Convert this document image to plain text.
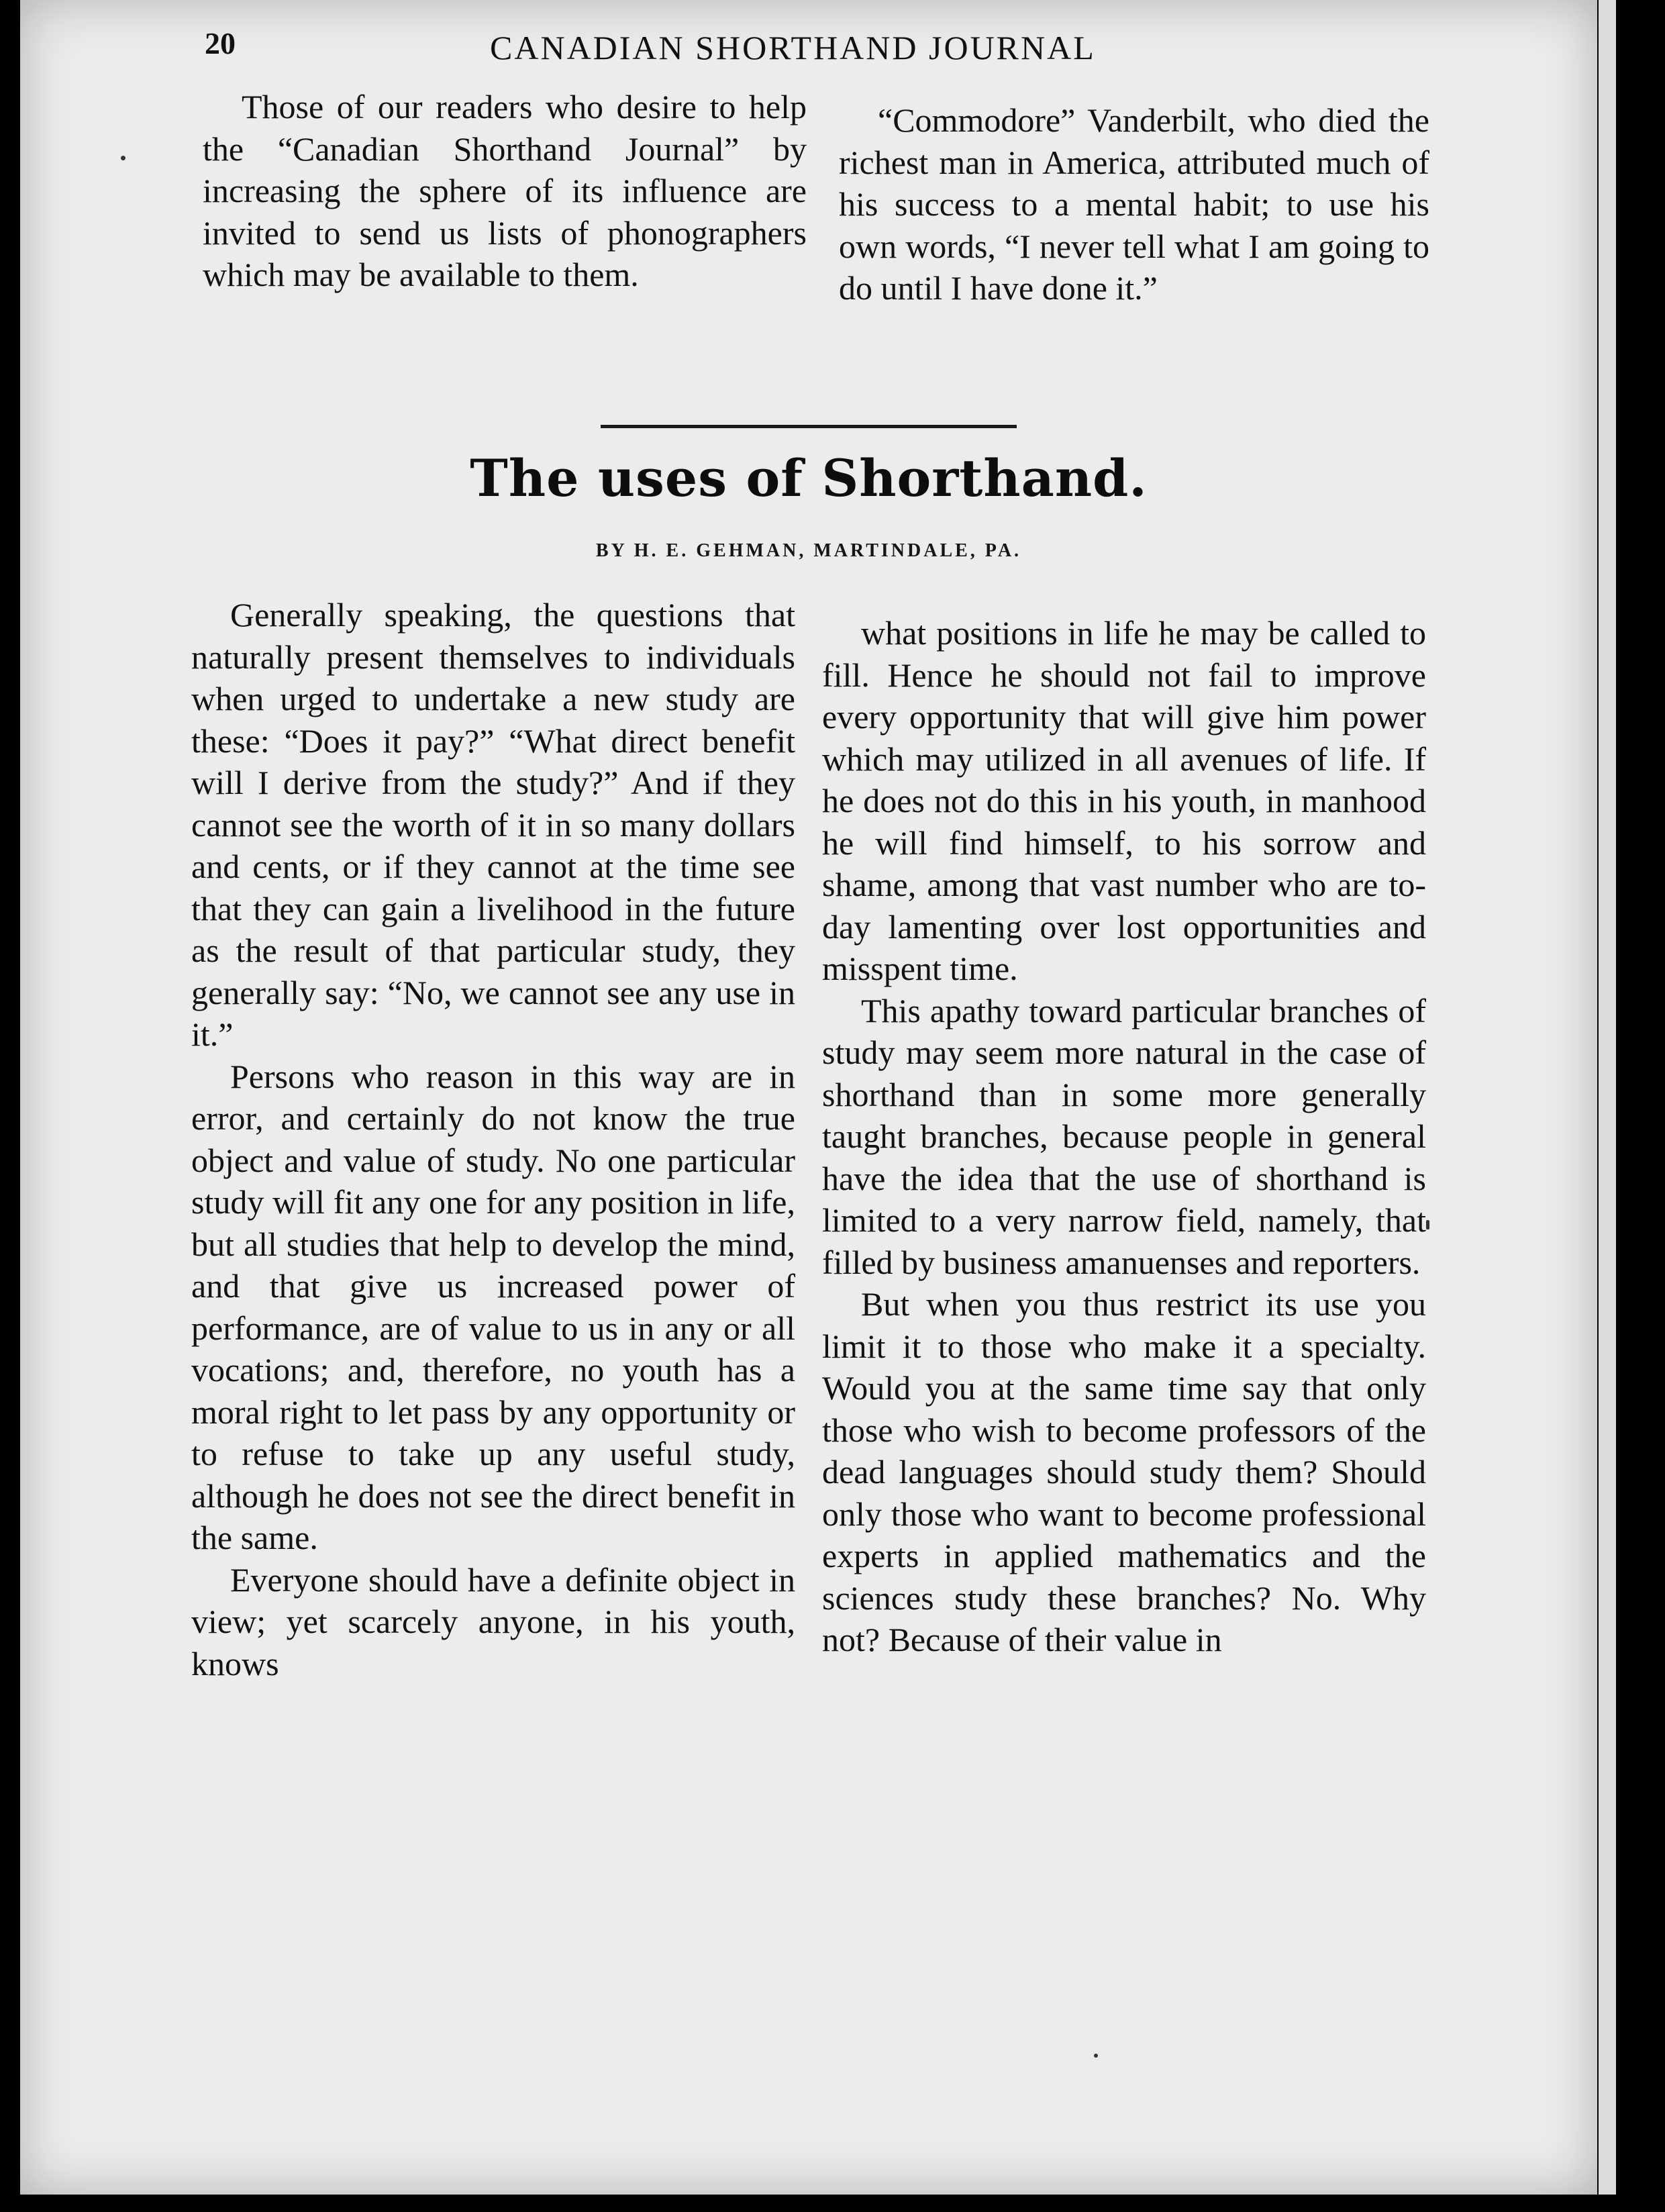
20	CANADIAN SHORTHAND JOURNAL

Those of our readers who desire to help the “Canadian Shorthand Journal” by increasing the sphere of its influence are invited to send us lists of phonographers which may be available to them.

“Commodore” Vanderbilt, who died the richest man in America, attributed much of his success to a mental habit; to use his own words, “I never tell what I am going to do until I have done it.”

The uses of Shorthand.
BY H. E. GEHMAN, MARTINDALE, PA.

Generally speaking, the questions that naturally present themselves to individuals when urged to undertake a new study are these: “Does it pay?” “What direct benefit will I derive from the study?” And if they cannot see the worth of it in so many dollars and cents, or if they cannot at the time see that they can gain a livelihood in the future as the result of that particular study, they generally say: “No, we cannot see any use in it.”

Persons who reason in this way are in error, and certainly do not know the true object and value of study. No one particular study will fit any one for any position in life, but all studies that help to develop the mind, and that give us increased power of performance, are of value to us in any or all vocations; and, therefore, no youth has a moral right to let pass by any opportunity or to refuse to take up any useful study, although he does not see the direct benefit in the same.

Everyone should have a definite object in view; yet scarcely anyone, in his youth, knows

what positions in life he may be called to fill. Hence he should not fail to improve every opportunity that will give him power which may utilized in all avenues of life. If he does not do this in his youth, in manhood he will find himself, to his sorrow and shame, among that vast number who are to-day lamenting over lost opportunities and misspent time.

This apathy toward particular branches of study may seem more natural in the case of shorthand than in some more generally taught branches, because people in general have the idea that the use of shorthand is limited to a very narrow field, namely, that filled by business amanuenses and reporters.

But when you thus restrict its use you limit it to those who make it a specialty. Would you at the same time say that only those who wish to become professors of the dead languages should study them? Should only those who want to become professional experts in applied mathematics and the sciences study these branches? No. Why not? Because of their value in
